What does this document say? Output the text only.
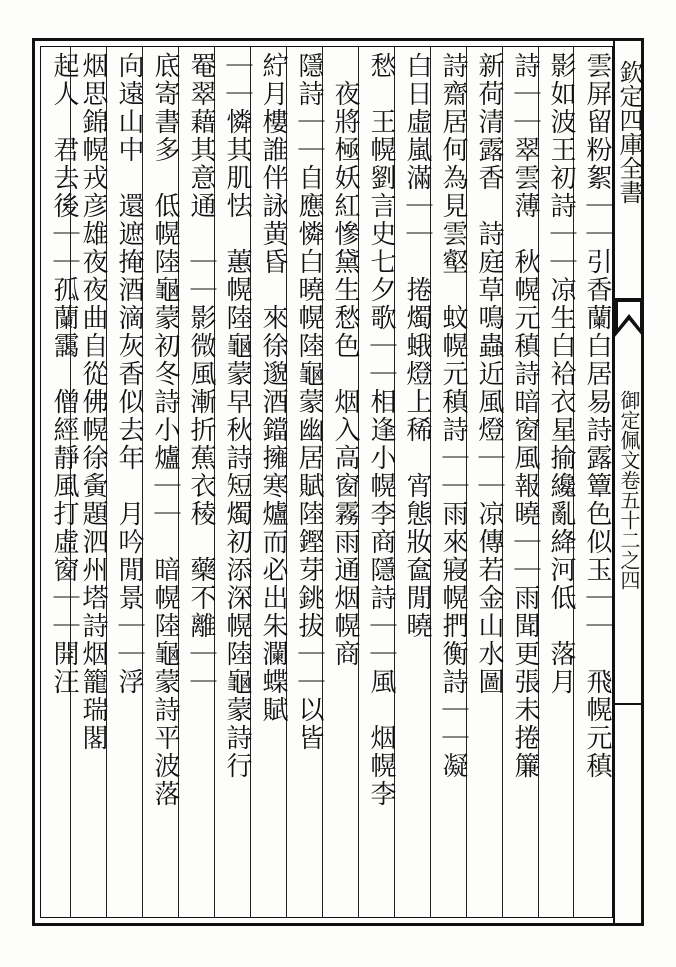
欽定四庫全書
御定佩文卷五十二之四
雲屏留粉絮｜｜引香蘭白居易詩露簟色似玉｜｜　飛幌元稹
影如波王初詩｜｜凉生白袷衣星揄纔亂絳河低　落月
詩｜｜翠雲薄　秋幌元稹詩暗窗風報曉｜｜雨聞更張未捲簾
新荷清露香　詩庭草鳴蟲近風燈｜｜凉傳若金山水圖
詩齋居何為見雲壑　蚊幌元稹詩｜｜雨來寢幌捫衡詩｜｜凝
白日虛嵐滿｜｜　捲燭蛾燈上稀　宵態妝奩閒曉
愁　王幌劉言史七夕歌｜｜相逢小幌李商隱詩｜｜風　烟幌李
　夜將極妖紅慘黛生愁色　烟入高窗霧雨通烟幌商
隱詩｜｜自應憐白曉幌陸龜蒙幽居賦陸鏗芽銚拔｜｜以皆
紵月樓誰伴詠黄昏　來徐邈酒鐺擁寒爐而必出朱瀾蝶賦
｜｜憐其肌怯　蕙幌陸龜蒙早秋詩短燭初添深幌陸龜蒙詩行
罨翠藉其意通　｜｜影微風漸折蕉衣稜　藥不離｜｜
底寄書多　低幌陸龜蒙初冬詩小爐｜｜　暗幌陸龜蒙詩平波落
向遠山中　還遮掩酒滴灰香似去年　月吟閒景｜｜浮
烟思錦幌戎彦雄夜夜曲自從佛幌徐夤題泗州塔詩烟籠瑞閣
起人　君去後｜｜孤蘭靄　僧經靜風打虛窗｜｜開汪
